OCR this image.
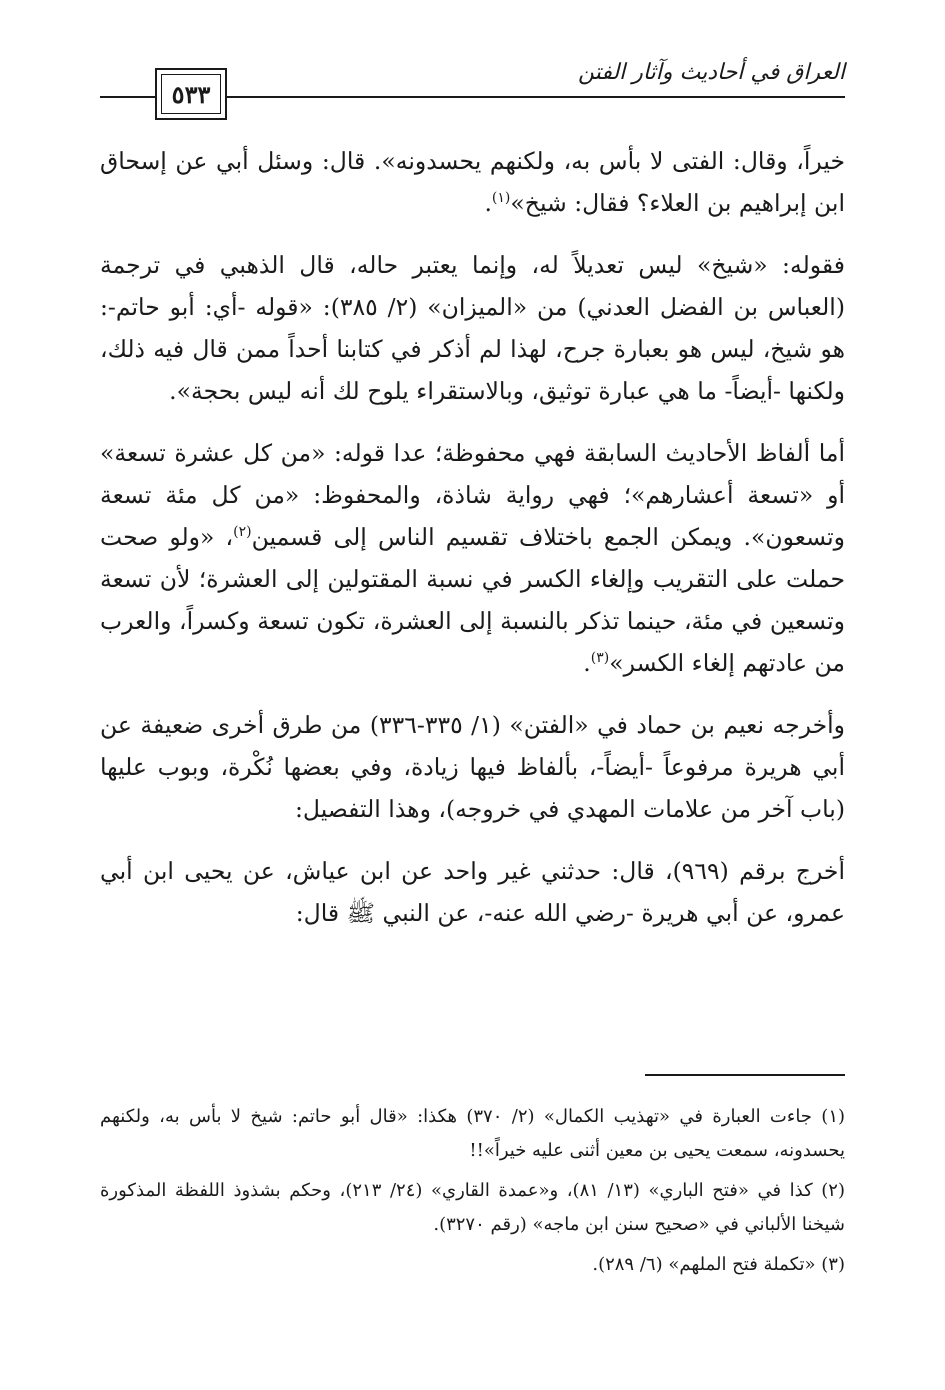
العراق في أحاديث وآثار الفتن
٥٣٣

خيراً، وقال: الفتى لا بأس به، ولكنهم يحسدونه». قال: وسئل أبي عن إسحاق ابن إبراهيم بن العلاء؟ فقال: شيخ»$^{(١)}$.

فقوله: «شيخ» ليس تعديلاً له، وإنما يعتبر حاله، قال الذهبي في ترجمة (العباس بن الفضل العدني) من «الميزان» (٢/ ٣٨٥): «قوله -أي: أبو حاتم-: هو شيخ، ليس هو بعبارة جرح، لهذا لم أذكر في كتابنا أحداً ممن قال فيه ذلك، ولكنها -أيضاً- ما هي عبارة توثيق، وبالاستقراء يلوح لك أنه ليس بحجة».

أما ألفاظ الأحاديث السابقة فهي محفوظة؛ عدا قوله: «من كل عشرة تسعة» أو «تسعة أعشارهم»؛ فهي رواية شاذة، والمحفوظ: «من كل مئة تسعة وتسعون». ويمكن الجمع باختلاف تقسيم الناس إلى قسمين$^{(٢)}$، «ولو صحت حملت على التقريب وإلغاء الكسر في نسبة المقتولين إلى العشرة؛ لأن تسعة وتسعين في مئة، حينما تذكر بالنسبة إلى العشرة، تكون تسعة وكسراً، والعرب من عادتهم إلغاء الكسر»$^{(٣)}$.

وأخرجه نعيم بن حماد في «الفتن» (١/ ٣٣٥-٣٣٦) من طرق أخرى ضعيفة عن أبي هريرة مرفوعاً -أيضاً-، بألفاظ فيها زيادة، وفي بعضها نُكْرة، وبوب عليها (باب آخر من علامات المهدي في خروجه)، وهذا التفصيل:

أخرج برقم (٩٦٩)، قال: حدثني غير واحد عن ابن عياش، عن يحيى ابن أبي عمرو، عن أبي هريرة -رضي الله عنه-، عن النبي ﷺ قال:

(١) جاءت العبارة في «تهذيب الكمال» (٢/ ٣٧٠) هكذا: «قال أبو حاتم: شيخ لا بأس به، ولكنهم يحسدونه، سمعت يحيى بن معين أثنى عليه خيراً»!!

(٢) كذا في «فتح الباري» (١٣/ ٨١)، و«عمدة القاري» (٢٤/ ٢١٣)، وحكم بشذوذ اللفظة المذكورة شيخنا الألباني في «صحيح سنن ابن ماجه» (رقم ٣٢٧٠).

(٣) «تكملة فتح الملهم» (٦/ ٢٨٩).
